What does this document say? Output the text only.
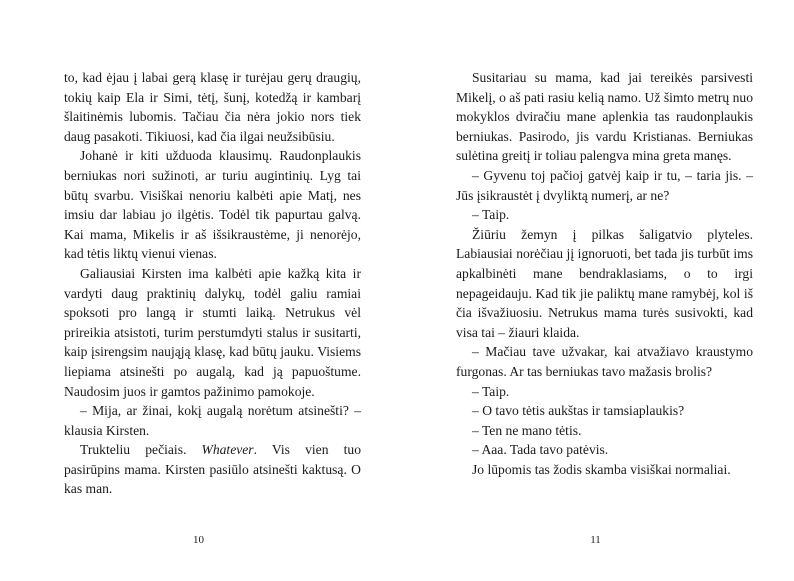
to, kad ėjau į labai gerą klasę ir turėjau gerų draugių, tokių kaip Ela ir Simi, tėtį, šunį, kotedžą ir kambarį šlaitinėmis lubomis. Tačiau čia nėra jokio nors tiek daug pasakoti. Tikiuosi, kad čia ilgai neužsibūsiu.

Johanė ir kiti užduoda klausimų. Raudonplaukis berniukas nori sužinoti, ar turiu augintinių. Lyg tai būtų svarbu. Visiškai nenoriu kalbėti apie Matį, nes imsiu dar labiau jo ilgėtis. Todėl tik papurtau galvą. Kai mama, Mikelis ir aš išsikraustėme, ji nenorėjo, kad tėtis liktų vienui vienas.

Galiausiai Kirsten ima kalbėti apie kažką kita ir vardyti daug praktinių dalykų, todėl galiu ramiai spoksoti pro langą ir stumti laiką. Netrukus vėl prireikia atsistoti, turim perstumdyti stalus ir susitarti, kaip įsirengsim naująją klasę, kad būtų jauku. Visiems liepiama atsinešti po augalą, kad ją papuoštume. Naudosim juos ir gamtos pažinimo pamokoje.

– Mija, ar žinai, kokį augalą norėtum atsinešti? – klausia Kirsten.

Trukteliu pečiais. Whatever. Vis vien tuo pasirūpins mama. Kirsten pasiūlo atsinešti kaktusą. O kas man.

10

Susitariau su mama, kad jai tereikės parsivesti Mikelį, o aš pati rasiu kelią namo. Už šimto metrų nuo mokyklos dviračiu mane aplenkia tas raudonplaukis berniukas. Pasirodo, jis vardu Kristianas. Berniukas sulėtina greitį ir toliau palengva mina greta manęs.

– Gyvenu toj pačioj gatvėj kaip ir tu, – taria jis. – Jūs įsikraustėt į dvyliktą numerį, ar ne?

– Taip.

Žiūriu žemyn į pilkas šaligatvio plyteles. Labiausiai norėčiau jį ignoruoti, bet tada jis turbūt ims apkalbinėti mane bendraklasiams, o to irgi nepageidauju. Kad tik jie paliktų mane ramybėj, kol iš čia išvažiuosiu. Netrukus mama turės susivokti, kad visa tai – žiauri klaida.

– Mačiau tave užvakar, kai atvažiavo kraustymo furgonas. Ar tas berniukas tavo mažasis brolis?

– Taip.

– O tavo tėtis aukštas ir tamsiaplaukis?

– Ten ne mano tėtis.

– Aaa. Tada tavo patėvis.

Jo lūpomis tas žodis skamba visiškai normaliai.

11
